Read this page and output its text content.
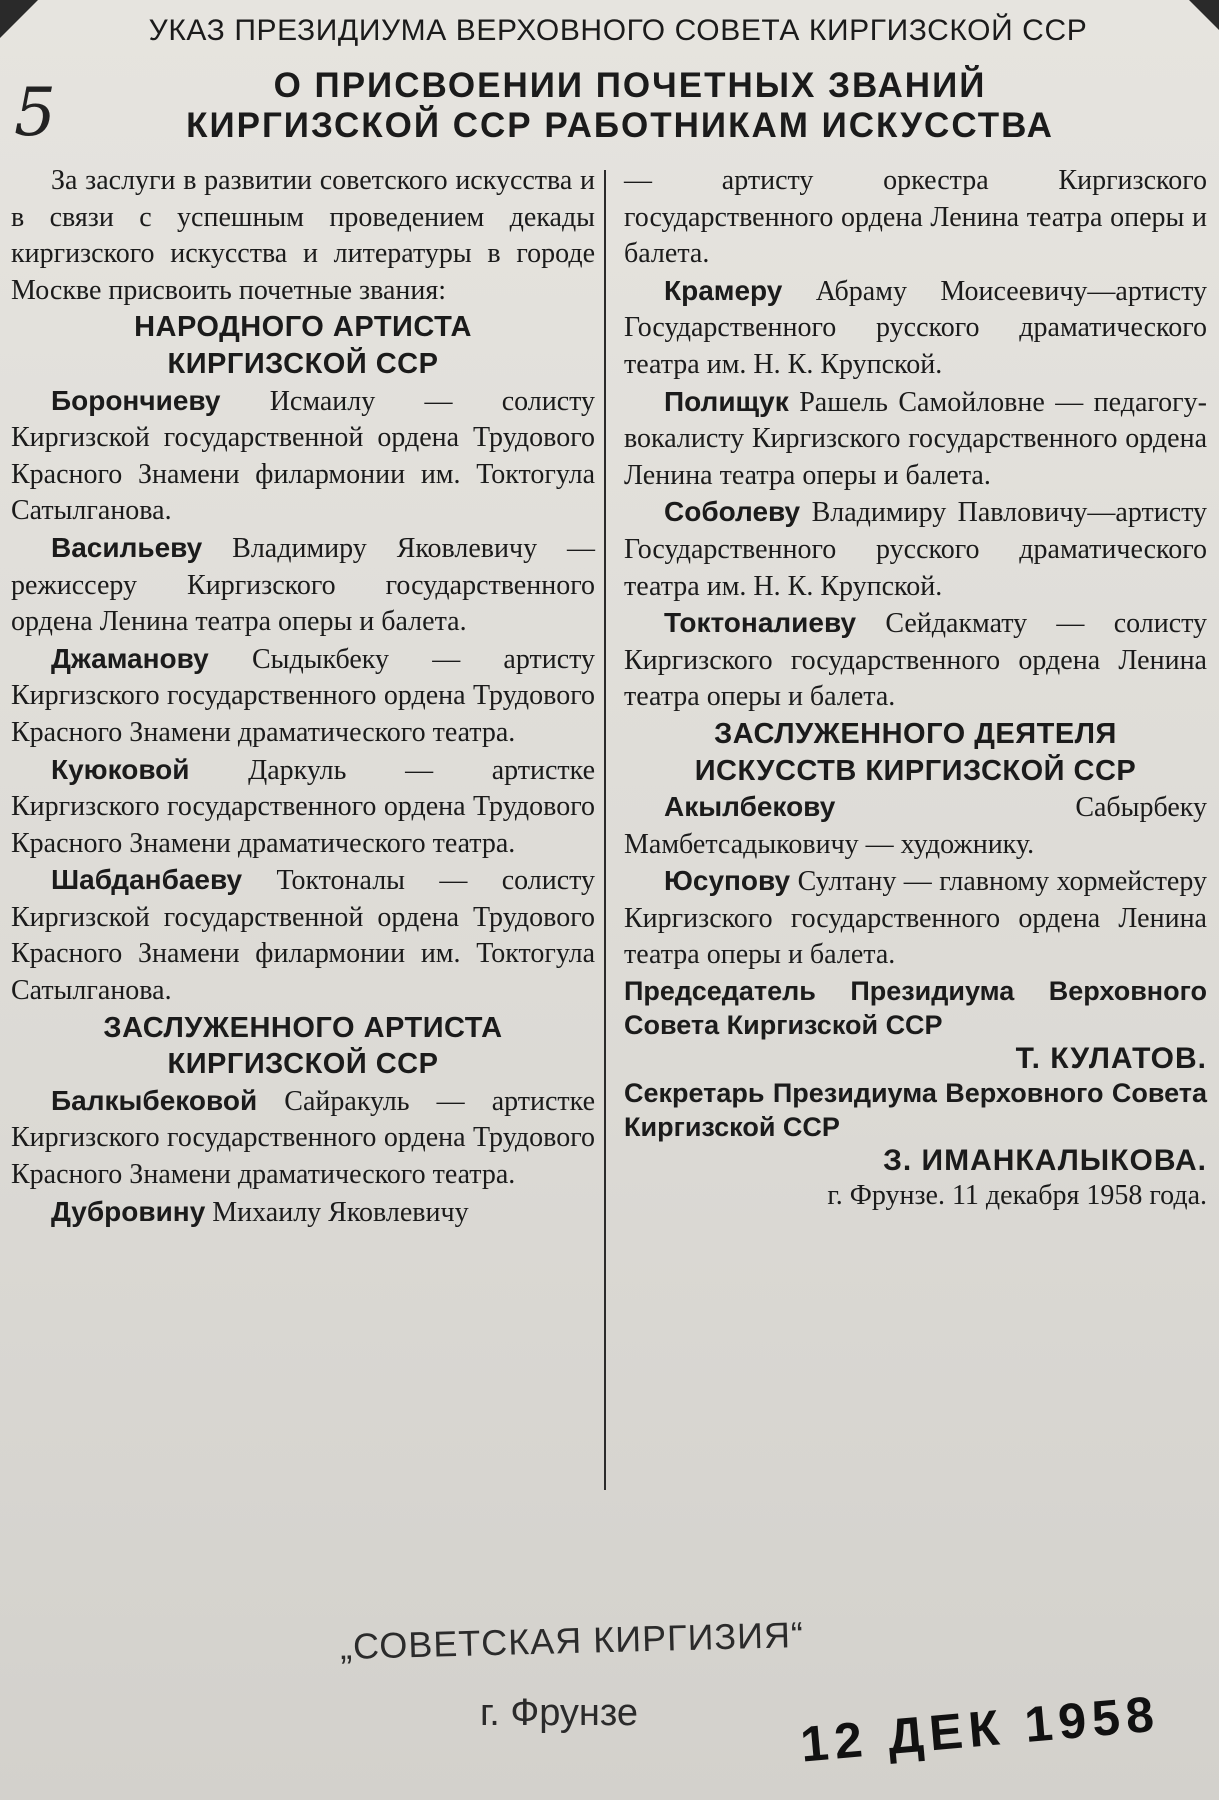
УКАЗ ПРЕЗИДИУМА ВЕРХОВНОГО СОВЕТА КИРГИЗСКОЙ ССР
5	О ПРИСВОЕНИИ ПОЧЕТНЫХ ЗВАНИЙ
КИРГИЗСКОЙ ССР РАБОТНИКАМ ИСКУССТВА

За заслуги в развитии советского искусства и в связи с успешным проведением декады киргизского искусства и литературы в городе Москве присвоить почетные звания:

НАРОДНОГО АРТИСТА
КИРГИЗСКОЙ ССР

Борончиеву Исмаилу — солисту Киргизской государственной ордена Трудового Красного Знамени филармонии им. Токтогула Сатылганова.

Васильеву Владимиру Яковлевичу — режиссеру Киргизского государственного ордена Ленина театра оперы и балета.

Джаманову Сыдыкбеку — артисту Киргизского государственного ордена Трудового Красного Знамени драматического театра.

Куюковой Даркуль — артистке Киргизского государственного ордена Трудового Красного Знамени драматического театра.

Шабданбаеву Токтоналы — солисту Киргизской государственной ордена Трудового Красного Знамени филармонии им. Токтогула Сатылганова.

ЗАСЛУЖЕННОГО АРТИСТА
КИРГИЗСКОЙ ССР

Балкыбековой Сайракуль — артистке Киргизского государственного ордена Трудового Красного Знамени драматического театра.

Дубровину Михаилу Яковлевичу

— артисту оркестра Киргизского государственного ордена Ленина театра оперы и балета.

Крамеру Абраму Моисеевичу—артисту Государственного русского драматического театра им. Н. К. Крупской.

Полищук Рашель Самойловне — педагогу-вокалисту Киргизского государственного ордена Ленина театра оперы и балета.

Соболеву Владимиру Павловичу—артисту Государственного русского драматического театра им. Н. К. Крупской.

Токтоналиеву Сейдакмату — солисту Киргизского государственного ордена Ленина театра оперы и балета.

ЗАСЛУЖЕННОГО ДЕЯТЕЛЯ
ИСКУССТВ КИРГИЗСКОЙ ССР

Акылбекову	Сабырбеку Мамбетсадыковичу — художнику.

Юсупову Султану — главному хормейстеру Киргизского государственного ордена Ленина театра оперы и балета.

Председатель Президиума Верховного Совета Киргизской ССР

Т. КУЛАТОВ.

Секретарь Президиума Верховного Совета Киргизской ССР

З. ИМАНКАЛЫКОВА.

г. Фрунзе. 11 декабря 1958 года.

„СОВЕТСКАЯ КИРГИЗИЯ“
г. Фрунзе	12 ДЕК 1958
